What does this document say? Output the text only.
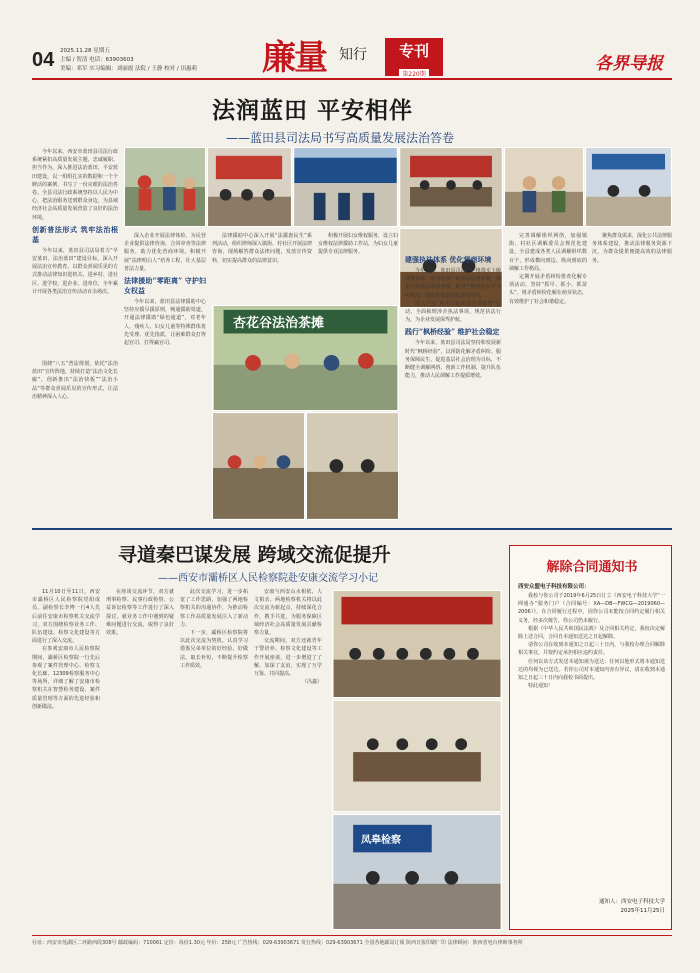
04 2025.11.28 星期五
主编 / 贺清 电话：63903603
美编：邓军 实习编辑：刘丽霞 法院 / 王静 校对 / 田惠莉 廉量 知行	专刊
第220期
各界导报
法润蓝田 平安相伴
——蓝田县司法局书写高质量发展法治答卷

今年以来，西安市蓝田县司法行政系统紧扣高质量发展主题，忠诚履职、担当作为，深入推进法治蓝田、平安蓝田建设，以一组组扎实的数据和一个个鲜活的案例，书写了一份亮眼的法治答卷。全县司法行政系统坚持以人民为中心，把法治服务送到群众身边，为县域经济社会高质量发展营造了良好的法治环境。

创新普法形式 筑牢法治根基

今年以来，蓝田县司法局着力“早安蓝田，法治蓝田”建设目标，深入开展法治宣传教育，以群众喜闻乐见的方式推动法律知识进机关、进乡村、进社区、进学校、进企业、进单位，全年累计开展各类法治宣传活动百余场次。

围绕“八五”普法规划，依托“法治蓝田”宣传阵地，持续打造“法治文化长廊”，创新推出“法治快板”“法治小品”等群众喜闻乐见的宣传形式，让法治精神深入人心。

深入企业开展法律体检，为民营企业提供法律咨询、合同审查等法律服务，助力优化营商环境。积极开展“法律明白人”培养工程，壮大基层普法力量。

法律援助“零距离” 守护妇女权益

今年以来，蓝田县法律援助中心坚持应援尽援原则，畅通援助渠道，开通法律援助“绿色通道”，对老年人、残疾人、妇女儿童等特殊群体优先受理、优先指派，让困难群众打得起官司、打得赢官司。

法律援助中心深入开展“法援惠民生”系列活动，组织律师深入镇街、村社区开展法律咨询，现场解答群众法律问题，发放宣传资料，切实提高群众的法律意识。

积极开展妇女维权服务，设立妇女维权法律援助工作站，为妇女儿童提供专业法律服务。

杏花谷法治茶摊

建强执法体系 优化营商环境

今年以来，蓝田县司法局严格落实上级部署要求，充分发挥行政执法监督职能，强化行政执法监督考核，推进严格规范公正文明执法，持续优化法治化营商环境。

深入开展“涉企行政执法专项监督”行动，全面梳理涉企执法事项，规范执法行为，为企业发展保驾护航。

践行“枫桥经验” 维护社会稳定

今年以来，蓝田县司法局坚持和发展新时代“枫桥经验”，以预防化解矛盾纠纷、服务保障民生、促进基层社会治理为目标，不断健全调解网络、创新工作机制、提升队伍能力，推动人民调解工作提质增效。

完善调解组织网络，加强镇街、村社区调解委员会规范化建设，全县建成各类人民调解组织数百个，形成横向到边、纵向到底的调解工作格局。

定期开展矛盾纠纷排查化解专项活动，坚持“抓早、抓小、抓苗头”，将矛盾纠纷化解在萌芽状态，有效维护了社会和谐稳定。

聚焦群众需求，深化公共法律服务体系建设，推动法律服务资源下沉，为群众提供便捷高效的法律服务。

寻道秦巴谋发展 跨域交流促提升
——西安市灞桥区人民检察院赴安康交流学习小记

11月10日至11日，西安市灞桥区人民检察院党组成员、副检察长李博一行4人先后前往安康市检察机关交流学习，双方围绕检察业务工作、队伍建设、检察文化建设等方面进行了深入交流。

在参观安康市人民检察院期间，灞桥区检察院一行先后参观了案件管理中心、检察文化长廊、12309检察服务中心等场所，详细了解了安康市检察机关在智慧检务建设、案件质量管理等方面的先进经验和创新做法。

在座谈交流环节，双方就刑事检察、民事行政检察、公益诉讼检察等工作进行了深入探讨，就业务工作中遇到的疑难问题进行交流，取得了良好效果。

此次交流学习，进一步拓宽了工作思路，加强了两地检察机关的沟通协作，为推动检察工作高质量发展注入了新动力。

下一步，灞桥区检察院将以此次交流为契机，认真学习借鉴兄弟单位的好经验、好做法，取长补短，不断提升检察工作质效。

安康与西安山水相依、人文相亲，两地检察机关将以此次交流为新起点，持续深化合作，携手共进，为服务保障区域经济社会高质量发展贡献检察力量。

交流期间，双方还就青年干警培养、检察文化建设等工作开展座谈，进一步增进了了解、加深了友谊，实现了互学互鉴、共同提高。

（冯鑫）

凤皋检察
解除合同通知书
西安众盟电子科技有限公司：

我校与你公司于2019年6月25日订立《西安电子科技大学“一网通办”服务门户（合同编号：XA—DB—FWCG—2019060—2006）》，在合同履行过程中，因你公司未能按合同约定履行相关义务，经多次催告，你公司仍未履行。

根据《中华人民共和国民法典》及合同相关约定，我校决定解除上述合同，合同自本通知送达之日起解除。

请你公司在收到本通知之日起三十日内，与我校办理合同解除相关事宜，并按约定承担相应违约责任。

任何以该方式发送本通知视为送达；任何以他形式将本通知送达的均视为已送达。若你公司对本通知内容有异议，请在收到本通知之日起三十日内向我校书面提出。

特此通知！

通知人：西安电子科技大学
2025年11月25日
社址：西安市莲湖区二环路西段308号 邮政编码：710061 定价：每份1.30元 年价：258元 广告热线：029-63903671 发行热线：029-63903671 全国各地邮局订阅 陕西日报印刷厂印 法律顾问：陕西省电台律师事务所
